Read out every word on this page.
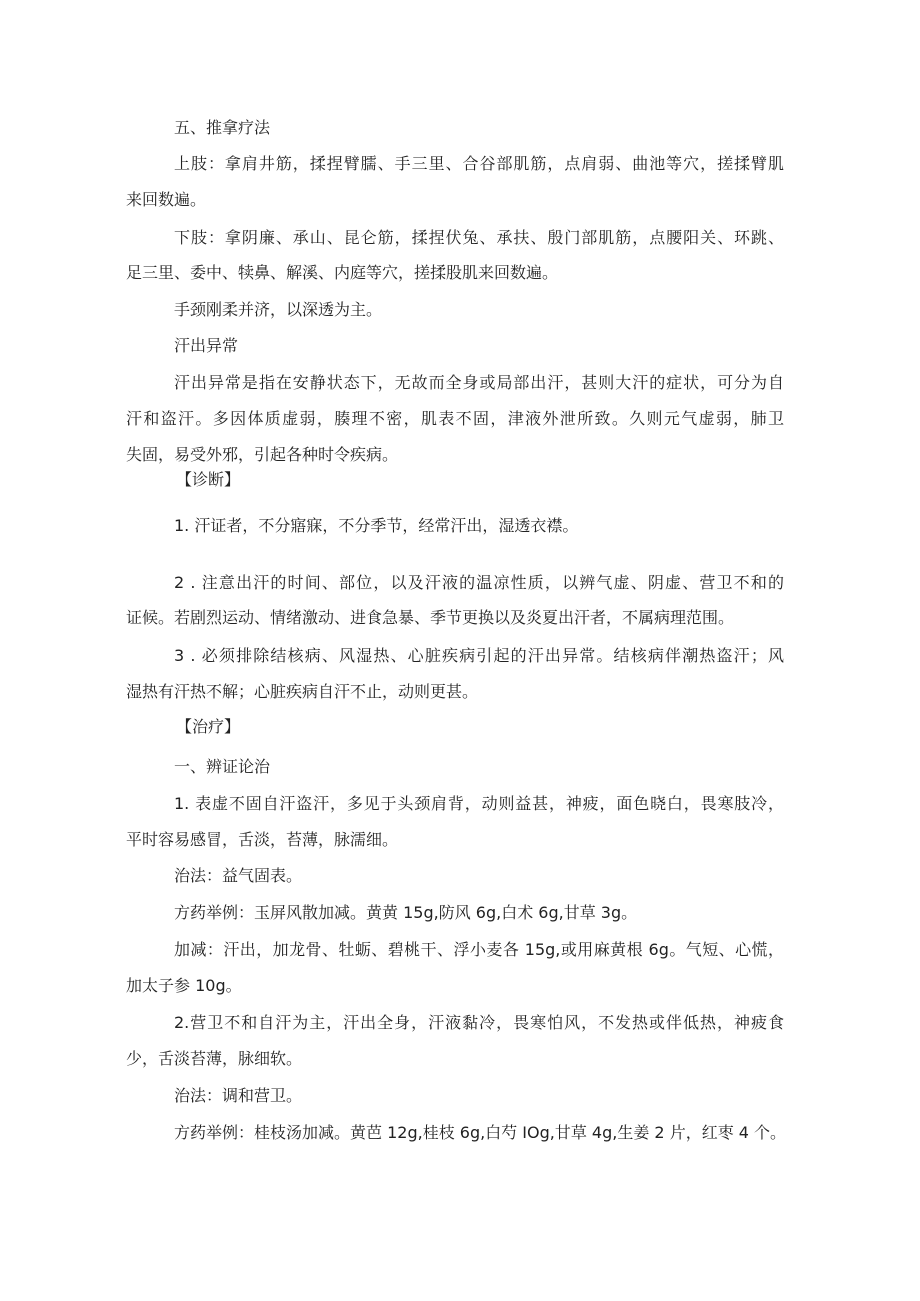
五、推拿疗法

上肢：拿肩井筋，揉捏臂臑、手三里、合谷部肌筋，点肩弱、曲池等穴，搓揉臂肌

来回数遍。

下肢：拿阴廉、承山、昆仑筋，揉捏伏兔、承扶、殷门部肌筋，点腰阳关、环跳、

足三里、委中、犊鼻、解溪、内庭等穴，搓揉股肌来回数遍。

手颈刚柔并济，以深透为主。

汗出异常

汗出异常是指在安静状态下，无故而全身或局部出汗，甚则大汗的症状，可分为自

汗和盗汗。多因体质虚弱，腠理不密，肌表不固，津液外泄所致。久则元气虚弱，肺卫

失固，易受外邪，引起各种时令疾病。

【诊断】

1. 汗证者，不分寤寐，不分季节，经常汗出，湿透衣襟。

2 . 注意出汗的时间、部位，以及汗液的温凉性质，以辨气虚、阴虚、营卫不和的

证候。若剧烈运动、情绪激动、进食急暴、季节更换以及炎夏出汗者，不属病理范围。

3 . 必须排除结核病、风湿热、心脏疾病引起的汗出异常。结核病伴潮热盗汗；风

湿热有汗热不解；心脏疾病自汗不止，动则更甚。

【治疗】

一、辨证论治

1. 表虚不固自汗盗汗，多见于头颈肩背，动则益甚，神疲，面色晓白，畏寒肢冷，

平时容易感冒，舌淡，苔薄，脉濡细。

治法：益气固表。

方药举例：玉屏风散加减。黄黄 15g,防风 6g,白术 6g,甘草 3g。

加减：汗出，加龙骨、牡蛎、碧桃干、浮小麦各 15g,或用麻黄根 6g。气短、心慌，

加太子参 10g。

2.营卫不和自汗为主，汗出全身，汗液黏冷，畏寒怕风，不发热或伴低热，神疲食

少，舌淡苔薄，脉细软。

治法：调和营卫。

方药举例：桂枝汤加减。黄芭 12g,桂枝 6g,白芍 IOg,甘草 4g,生姜 2 片，红枣 4 个。
